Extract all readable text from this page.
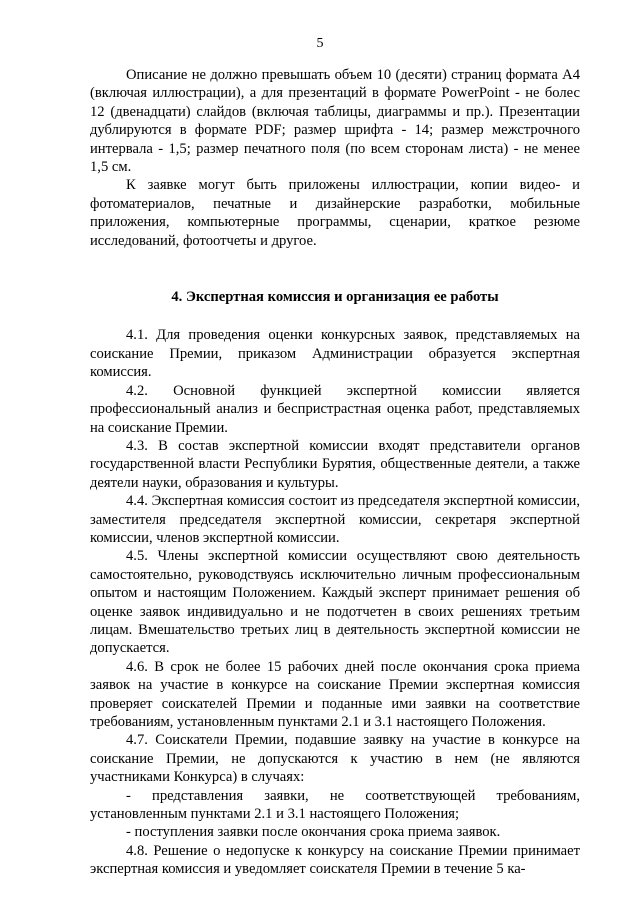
5

Описание не должно превышать объем 10 (десяти) страниц формата А4 (включая иллюстрации), а для презентаций в формате PowerPoint - не болес 12 (двенадцати) слайдов (включая таблицы, диаграммы и пр.). Презентации дублируются в формате PDF; размер шрифта - 14; размер межстрочного интервала - 1,5; размер печатного поля (по всем сторонам листа) - не менее 1,5 см.

К заявке могут быть приложены иллюстрации, копии видео- и фотоматериалов, печатные и дизайнерские разработки, мобильные приложения, компьютерные программы, сценарии, краткое резюме исследований, фотоотчеты и другое.

4. Экспертная комиссия и организация ее работы

4.1. Для проведения оценки конкурсных заявок, представляемых на соискание Премии, приказом Администрации образуется экспертная комиссия.

4.2. Основной функцией экспертной комиссии является профессиональный анализ и беспристрастная оценка работ, представляемых на соискание Премии.

4.3. В состав экспертной комиссии входят представители органов государственной власти Республики Бурятия, общественные деятели, а также деятели науки, образования и культуры.

4.4. Экспертная комиссия состоит из председателя экспертной комиссии, заместителя председателя экспертной комиссии, секретаря экспертной комиссии, членов экспертной комиссии.

4.5. Члены экспертной комиссии осуществляют свою деятельность самостоятельно, руководствуясь исключительно личным профессиональным опытом и настоящим Положением. Каждый эксперт принимает решения об оценке заявок индивидуально и не подотчетен в своих решениях третьим лицам. Вмешательство третьих лиц в деятельность экспертной комиссии не допускается.

4.6. В срок не более 15 рабочих дней после окончания срока приема заявок на участие в конкурсе на соискание Премии экспертная комиссия проверяет соискателей Премии и поданные ими заявки на соответствие требованиям, установленным пунктами 2.1 и 3.1 настоящего Положения.

4.7. Соискатели Премии, подавшие заявку на участие в конкурсе на соискание Премии, не допускаются к участию в нем (не являются участниками Конкурса) в случаях:

- представления заявки, не соответствующей требованиям, установленным пунктами 2.1 и 3.1 настоящего Положения;

- поступления заявки после окончания срока приема заявок.

4.8. Решение о недопуске к конкурсу на соискание Премии принимает экспертная комиссия и уведомляет соискателя Премии в течение 5 ка-
